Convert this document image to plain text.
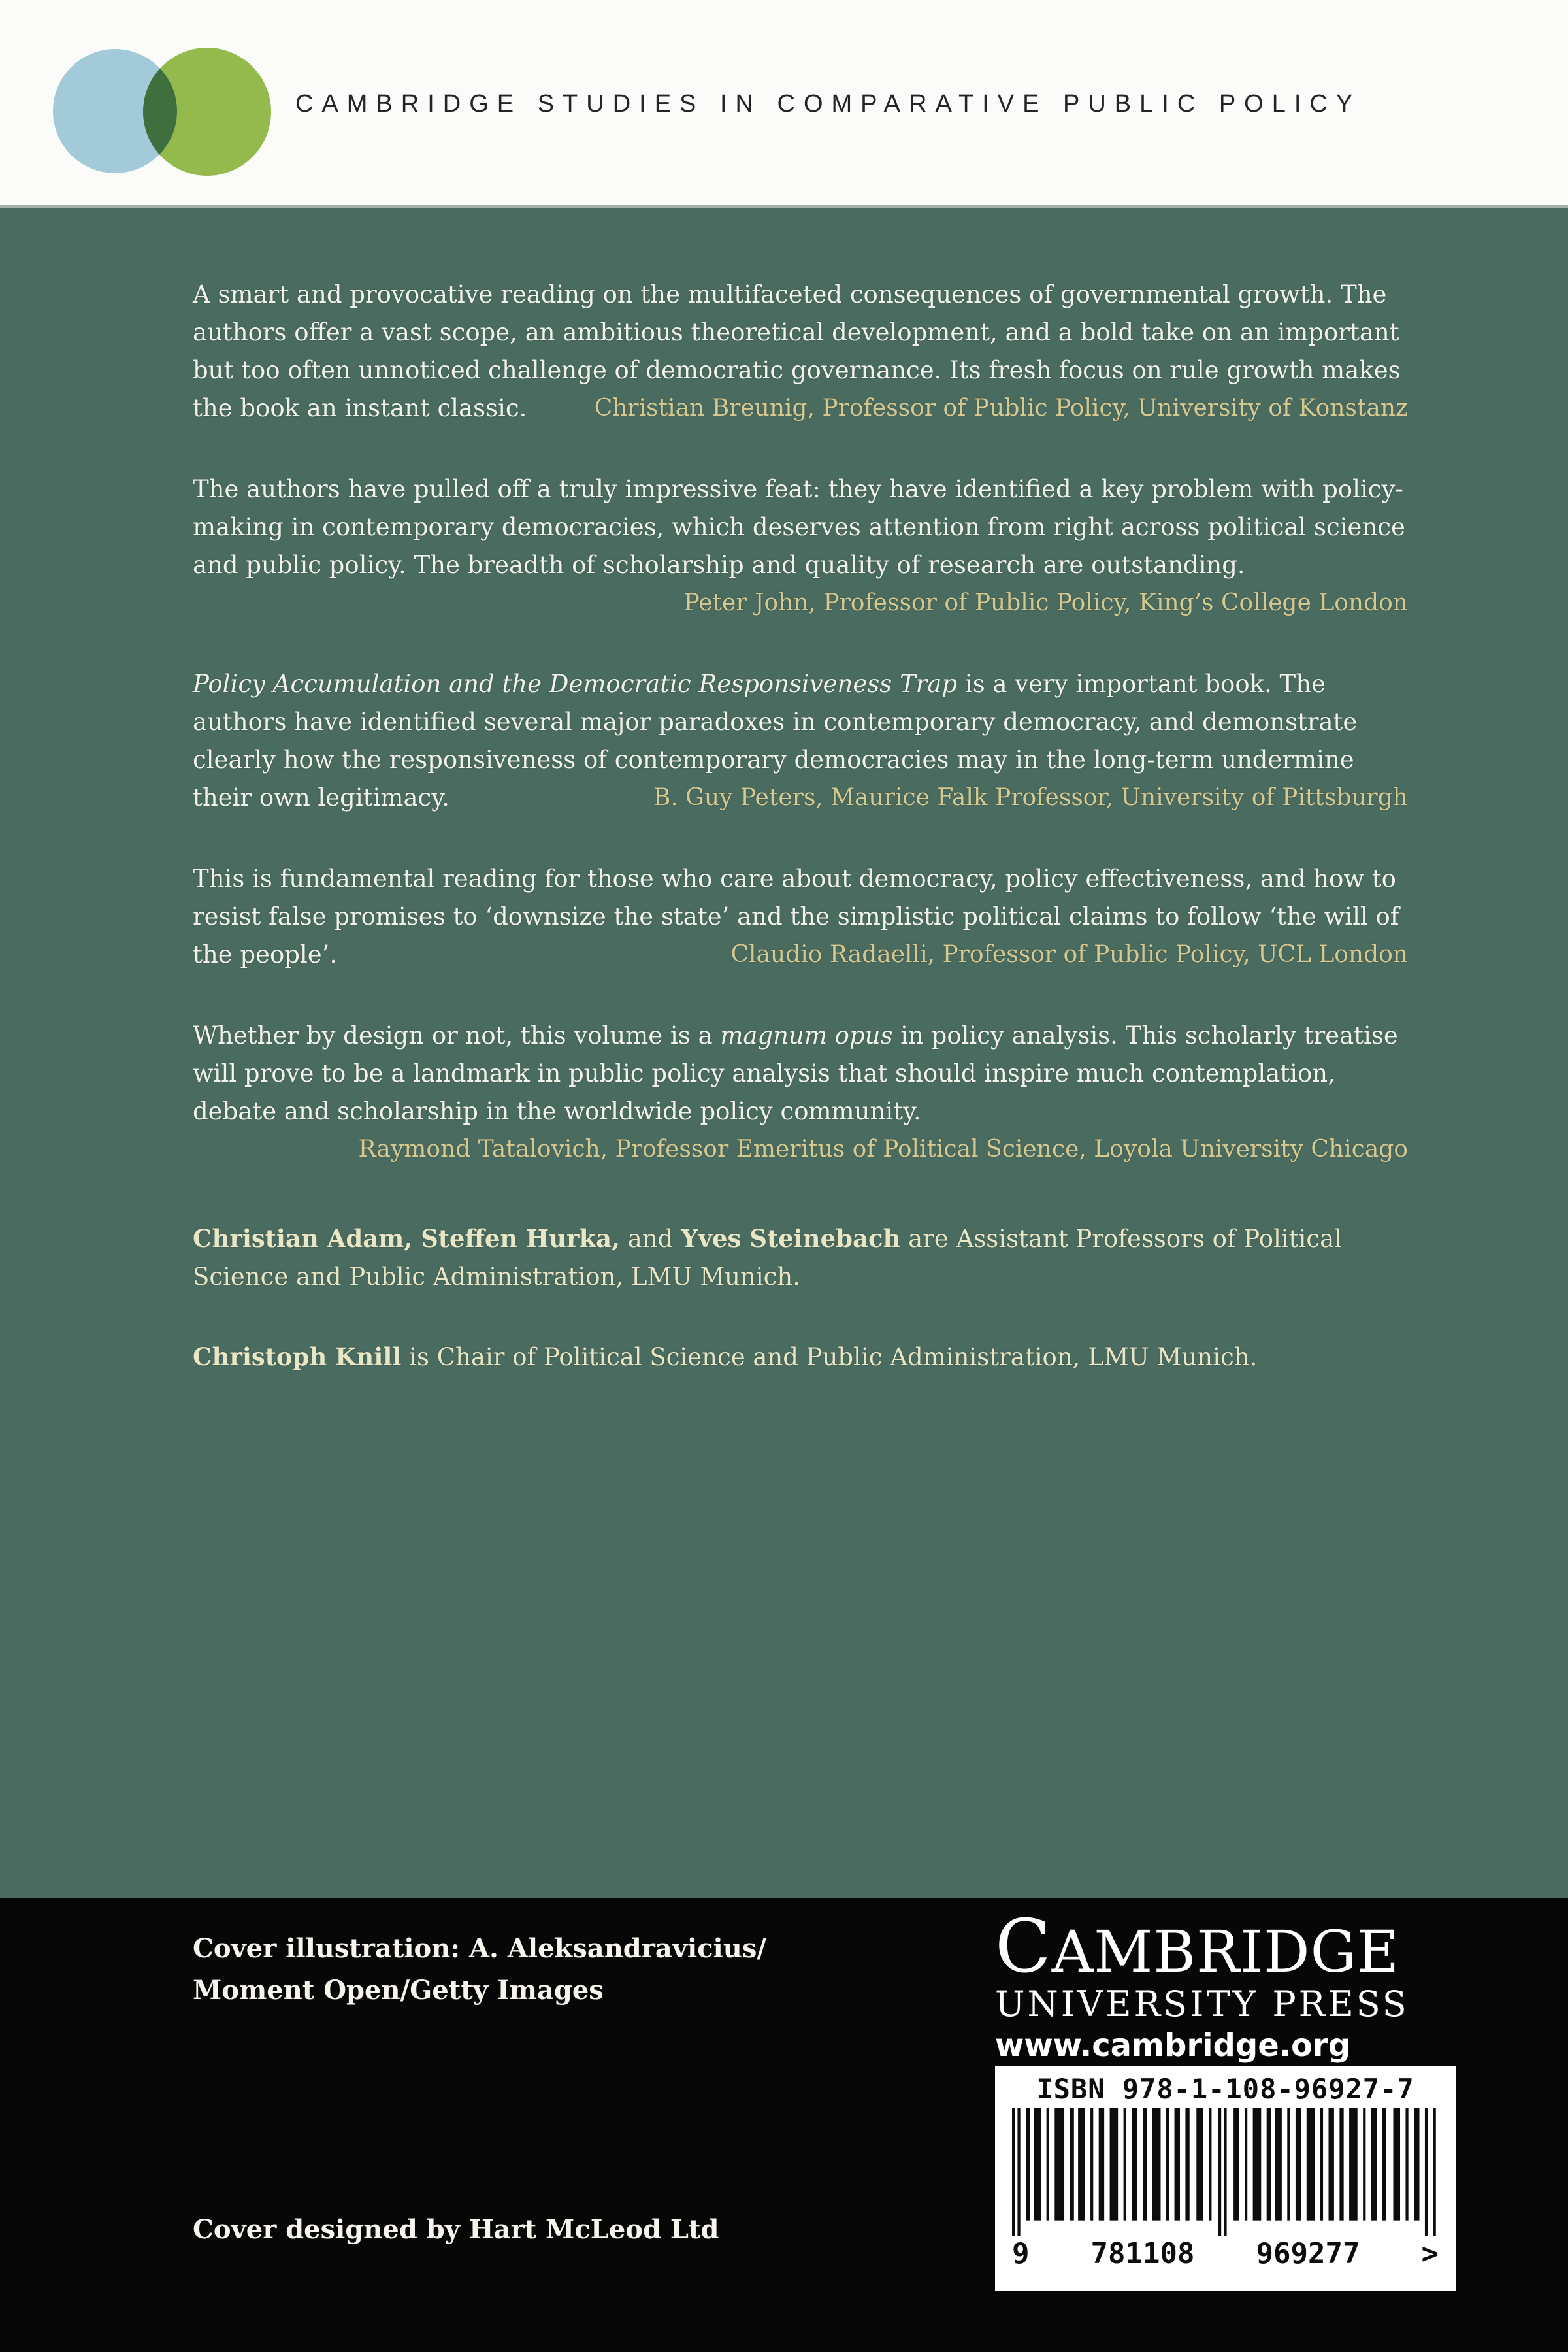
CAMBRIDGE STUDIES IN COMPARATIVE PUBLIC POLICY
A smart and provocative reading on the multifaceted consequences of governmental growth. The authors offer a vast scope, an ambitious theoretical development, and a bold take on an important but too often unnoticed challenge of democratic governance. Its fresh focus on rule growth makes the book an instant classic.	Christian Breunig, Professor of Public Policy, University of Konstanz
The authors have pulled off a truly impressive feat: they have identified a key problem with policy-making in contemporary democracies, which deserves attention from right across political science and public policy. The breadth of scholarship and quality of research are outstanding.
Peter John, Professor of Public Policy, King’s College London
Policy Accumulation and the Democratic Responsiveness Trap is a very important book. The authors have identified several major paradoxes in contemporary democracy, and demonstrate clearly how the responsiveness of contemporary democracies may in the long-term undermine their own legitimacy.	B. Guy Peters, Maurice Falk Professor, University of Pittsburgh
This is fundamental reading for those who care about democracy, policy effectiveness, and how to resist false promises to ‘downsize the state’ and the simplistic political claims to follow ‘the will of the people’.	Claudio Radaelli, Professor of Public Policy, UCL London
Whether by design or not, this volume is a magnum opus in policy analysis. This scholarly treatise will prove to be a landmark in public policy analysis that should inspire much contemplation, debate and scholarship in the worldwide policy community.
Raymond Tatalovich, Professor Emeritus of Political Science, Loyola University Chicago

Christian Adam, Steffen Hurka, and Yves Steinebach are Assistant Professors of Political Science and Public Administration, LMU Munich.

Christoph Knill is Chair of Political Science and Public Administration, LMU Munich.

Cover illustration: A. Aleksandravicius/
Moment Open/Getty Images
CAMBRIDGE
UNIVERSITY PRESS
www.cambridge.org
ISBN 978-1-108-96927-7
9 781108 969277 >
Cover designed by Hart McLeod Ltd
